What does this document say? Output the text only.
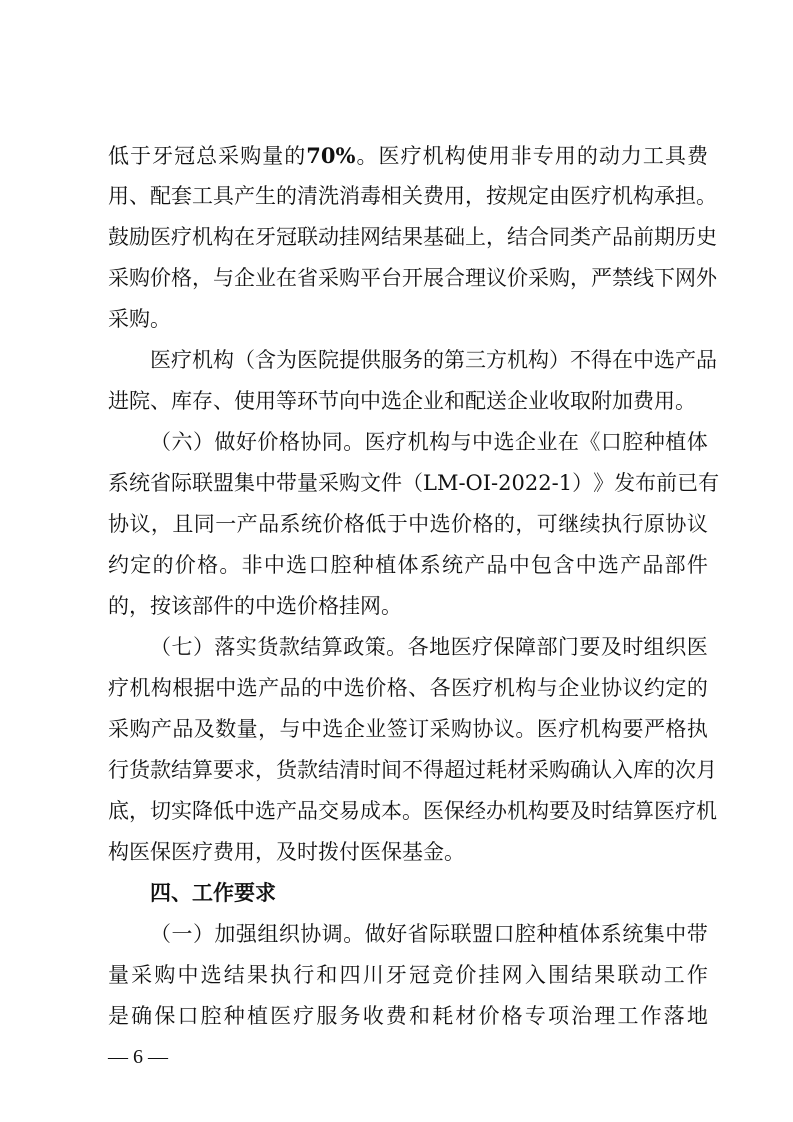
低 于 牙 冠 总 采 购 量 的 70% 。 医 疗 机 构 使 用 非 专 用 的 动 力 工 具 费
用 、 配 套 工 具 产 生 的 清 洗 消 毒 相 关 费 用 ， 按 规 定 由 医 疗 机 构 承 担 。
鼓 励 医 疗 机 构 在 牙 冠 联 动 挂 网 结 果 基 础 上 ， 结 合 同 类 产 品 前 期 历 史
采 购 价 格 ， 与 企 业 在 省 采 购 平 台 开 展 合 理 议 价 采 购 ， 严 禁 线 下 网 外
采 购 。
医 疗 机 构 （ 含 为 医 院 提 供 服 务 的 第 三 方 机 构 ） 不 得 在 中 选 产 品
进 院 、 库 存 、 使 用 等 环 节 向 中 选 企 业 和 配 送 企 业 收 取 附 加 费 用 。
（ 六 ） 做 好 价 格 协 同 。 医 疗 机 构 与 中 选 企 业 在 《 口 腔 种 植 体
系 统 省 际 联 盟 集 中 带 量 采 购 文 件 （ LM-OI-2022-1 ） 》 发 布 前 已 有
协 议 ， 且 同 一 产 品 系 统 价 格 低 于 中 选 价 格 的 ， 可 继 续 执 行 原 协 议
约 定 的 价 格 。 非 中 选 口 腔 种 植 体 系 统 产 品 中 包 含 中 选 产 品 部 件
的 ， 按 该 部 件 的 中 选 价 格 挂 网 。
（ 七 ） 落 实 货 款 结 算 政 策 。 各 地 医 疗 保 障 部 门 要 及 时 组 织 医
疗 机 构 根 据 中 选 产 品 的 中 选 价 格 、 各 医 疗 机 构 与 企 业 协 议 约 定 的
采 购 产 品 及 数 量 ， 与 中 选 企 业 签 订 采 购 协 议 。 医 疗 机 构 要 严 格 执
行 货 款 结 算 要 求 ， 货 款 结 清 时 间 不 得 超 过 耗 材 采 购 确 认 入 库 的 次 月
底 ， 切 实 降 低 中 选 产 品 交 易 成 本 。 医 保 经 办 机 构 要 及 时 结 算 医 疗 机
构 医 保 医 疗 费 用 ， 及 时 拨 付 医 保 基 金 。
四 、 工 作 要 求
（ 一 ） 加 强 组 织 协 调 。 做 好 省 际 联 盟 口 腔 种 植 体 系 统 集 中 带
量 采 购 中 选 结 果 执 行 和 四 川 牙 冠 竞 价 挂 网 入 围 结 果 联 动 工 作
是 确 保 口 腔 种 植 医 疗 服 务 收 费 和 耗 材 价 格 专 项 治 理 工 作 落 地
— 6 —
